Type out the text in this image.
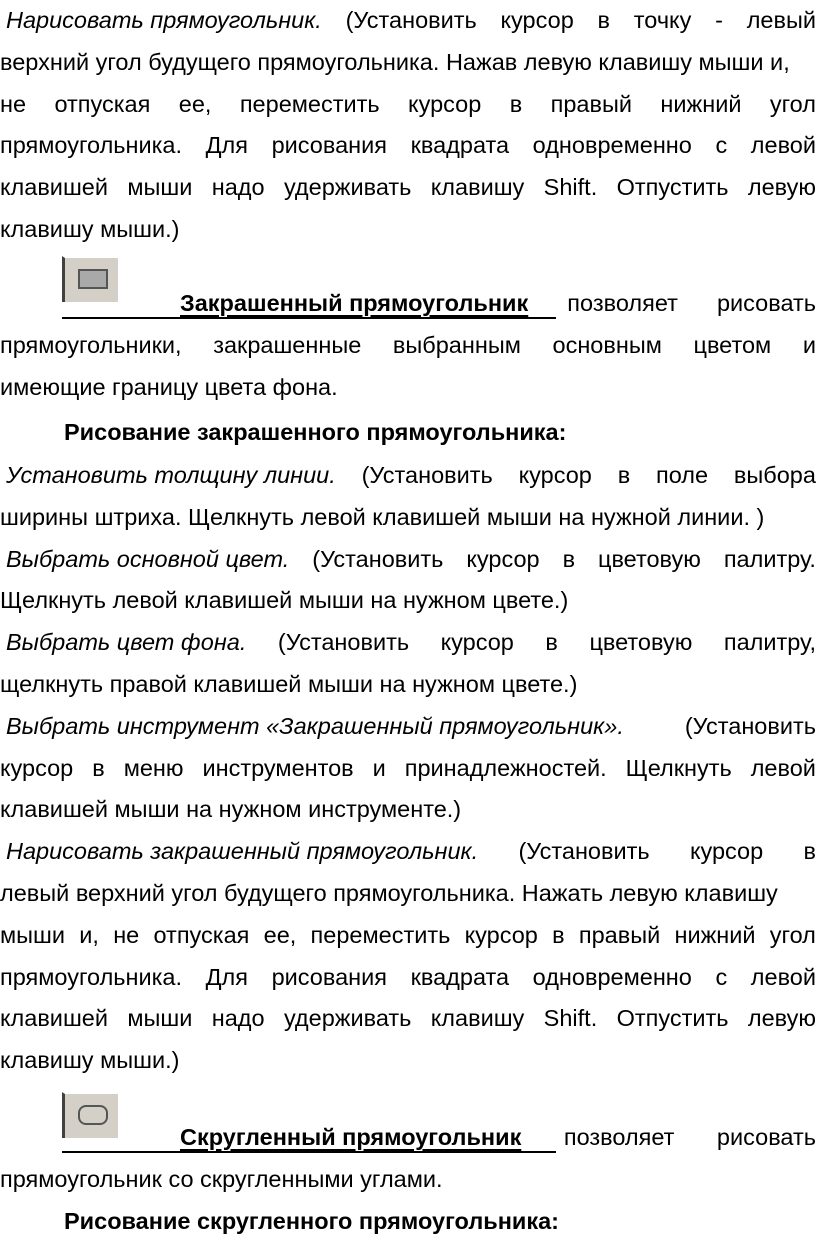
Нарисовать прямоугольник. (Установить курсор в точку - левый
верхний угол будущего прямоугольника. Нажав левую клавишу мыши и,
не отпуская ее, переместить курсор в правый нижний угол
прямоугольника. Для рисования квадрата одновременно с левой
клавишей мыши надо удерживать клавишу Shift. Отпустить левую
клавишу мыши.)
Закрашенный прямоугольник позволяет рисовать
прямоугольники, закрашенные выбранным основным цветом и
имеющие границу цвета фона.
Рисование закрашенного прямоугольника:
Установить толщину линии. (Установить курсор в поле выбора
ширины штриха. Щелкнуть левой клавишей мыши на нужной линии. )
Выбрать основной цвет. (Установить курсор в цветовую палитру.
Щелкнуть левой клавишей мыши на нужном цвете.)
Выбрать цвет фона. (Установить курсор в цветовую палитру,
щелкнуть правой клавишей мыши на нужном цвете.)
Выбрать инструмент «Закрашенный прямоугольник».	(Установить
курсор в меню инструментов и принадлежностей. Щелкнуть левой
клавишей мыши на нужном инструменте.)
Нарисовать закрашенный прямоугольник. (Установить курсор в
левый верхний угол будущего прямоугольника. Нажать левую клавишу
мыши и, не отпуская ее, переместить курсор в правый нижний угол
прямоугольника. Для рисования квадрата одновременно с левой
клавишей мыши надо удерживать клавишу Shift. Отпустить левую
клавишу мыши.)
Скругленный прямоугольник позволяет рисовать
прямоугольник со скругленными углами.
Рисование скругленного прямоугольника:
